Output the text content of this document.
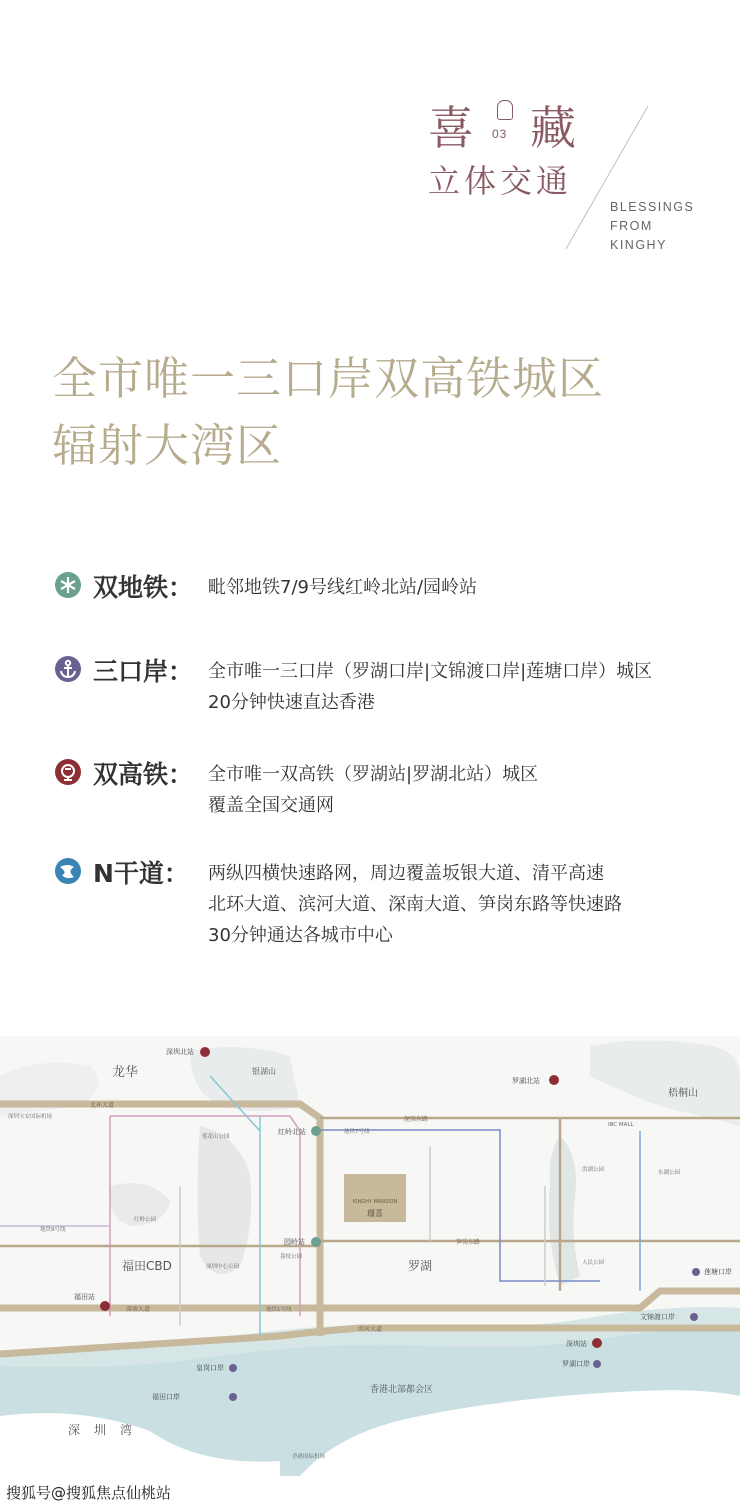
喜 03 藏
立体交通
BLESSINGS
FROM
KINGHY
全市唯一三口岸双高铁城区
辐射大湾区
双地铁： 毗邻地铁7/9号线红岭北站/园岭站
三口岸： 全市唯一三口岸（罗湖口岸|文锦渡口岸|莲塘口岸）城区
20分钟快速直达香港
双高铁： 全市唯一双高铁（罗湖站|罗湖北站）城区
覆盖全国交通网
N干道： 两纵四横快速路网，周边覆盖坂银大道、清平高速
北环大道、滨河大道、深南大道、笋岗东路等快速路
30分钟通达各城市中心
KINGHY MANSION
璟喜
龙华
福田CBD	罗湖
深　圳　湾
香港北部都会区
梧桐山
银湖山
深圳北站
罗湖北站
红岭北站
园岭站
福田站
深圳站
文锦渡口岸
罗湖口岸
皇岗口岸
福田口岸
莲塘口岸
北环大道
深南大道
滨河大道
笋岗东路
泥岗东路
深圳宝安国际机场
香港国际机场
IBC MALL
人民公园
洪湖公园	东湖公园
荔枝公园
莲花山公园
深圳中心公园
红岭公园
地铁7号线
地铁1号线
地铁9号线
搜狐号@搜狐焦点仙桃站
